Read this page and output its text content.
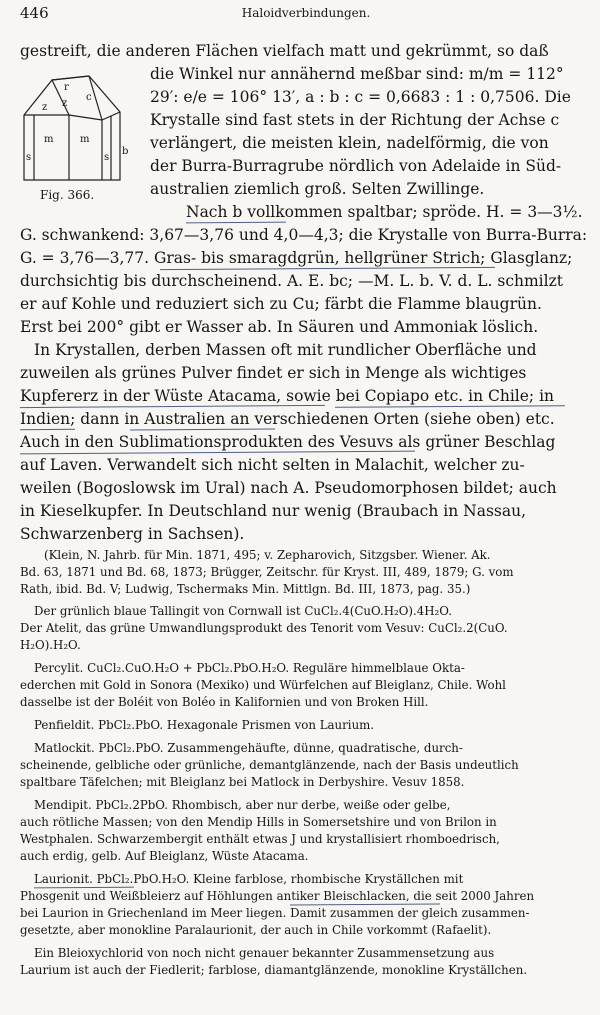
446	Haloidverbindungen.
r
z z
c
m	m
s	s
b
Fig. 366.
gestreift, die anderen Flächen vielfach matt und gekrümmt, so daß
die Winkel nur annähernd meßbar sind: m/m = 112°
29′: e/e = 106° 13′, a : b : c = 0,6683 : 1 : 0,7506. Die
Krystalle sind fast stets in der Richtung der Achse c
verlängert, die meisten klein, nadelförmig, die von
der Burra-Burragrube nördlich von Adelaide in Süd-
australien ziemlich groß. Selten Zwillinge.
Nach b vollkommen spaltbar; spröde. H. = 3—3½.
G. schwankend: 3,67—3,76 und 4,0—4,3; die Krystalle von Burra-Burra:
G. = 3,76—3,77. Gras- bis smaragdgrün, hellgrüner Strich; Glasglanz;
durchsichtig bis durchscheinend. A. E. bc; —M. L. b. V. d. L. schmilzt
er auf Kohle und reduziert sich zu Cu; färbt die Flamme blaugrün.
Erst bei 200° gibt er Wasser ab. In Säuren und Ammoniak löslich.
In Krystallen, derben Massen oft mit rundlicher Oberfläche und
zuweilen als grünes Pulver findet er sich in Menge als wichtiges
Kupfererz in der Wüste Atacama, sowie bei Copiapo etc. in Chile; in
Indien; dann in Australien an verschiedenen Orten (siehe oben) etc.
Auch in den Sublimationsprodukten des Vesuvs als grüner Beschlag
auf Laven. Verwandelt sich nicht selten in Malachit, welcher zu-
weilen (Bogoslowsk im Ural) nach A. Pseudomorphosen bildet; auch
in Kieselkupfer. In Deutschland nur wenig (Braubach in Nassau,
Schwarzenberg in Sachsen).
(Klein, N. Jahrb. für Min. 1871, 495; v. Zepharovich, Sitzgsber. Wiener. Ak.
Bd. 63, 1871 und Bd. 68, 1873; Brügger, Zeitschr. für Kryst. III, 489, 1879; G. vom
Rath, ibid. Bd. V; Ludwig, Tschermaks Min. Mittlgn. Bd. III, 1873, pag. 35.)
Der grünlich blaue Tallingit von Cornwall ist CuCl₂.4(CuO.H₂O).4H₂O.
Der Atelit, das grüne Umwandlungsprodukt des Tenorit vom Vesuv: CuCl₂.2(CuO.
H₂O).H₂O.
Percylit. CuCl₂.CuO.H₂O + PbCl₂.PbO.H₂O. Reguläre himmelblaue Okta-
ederchen mit Gold in Sonora (Mexiko) und Würfelchen auf Bleiglanz, Chile. Wohl
dasselbe ist der Boléit von Boléo in Kalifornien und von Broken Hill.
Penfieldit. PbCl₂.PbO. Hexagonale Prismen von Laurium.
Matlockit. PbCl₂.PbO. Zusammengehäufte, dünne, quadratische, durch-
scheinende, gelbliche oder grünliche, demantglänzende, nach der Basis undeutlich
spaltbare Täfelchen; mit Bleiglanz bei Matlock in Derbyshire. Vesuv 1858.
Mendipit. PbCl₂.2PbO. Rhombisch, aber nur derbe, weiße oder gelbe,
auch rötliche Massen; von den Mendip Hills in Somersetshire und von Brilon in
Westphalen. Schwarzembergit enthält etwas J und krystallisiert rhomboedrisch,
auch erdig, gelb. Auf Bleiglanz, Wüste Atacama.
Laurionit. PbCl₂.PbO.H₂O. Kleine farblose, rhombische Kryställchen mit
Phosgenit und Weißbleierz auf Höhlungen antiker Bleischlacken, die seit 2000 Jahren
bei Laurion in Griechenland im Meer liegen. Damit zusammen der gleich zusammen-
gesetzte, aber monokline Paralaurionit, der auch in Chile vorkommt (Rafaelit).
Ein Bleioxychlorid von noch nicht genauer bekannter Zusammensetzung aus
Laurium ist auch der Fiedlerit; farblose, diamantglänzende, monokline Kryställchen.
